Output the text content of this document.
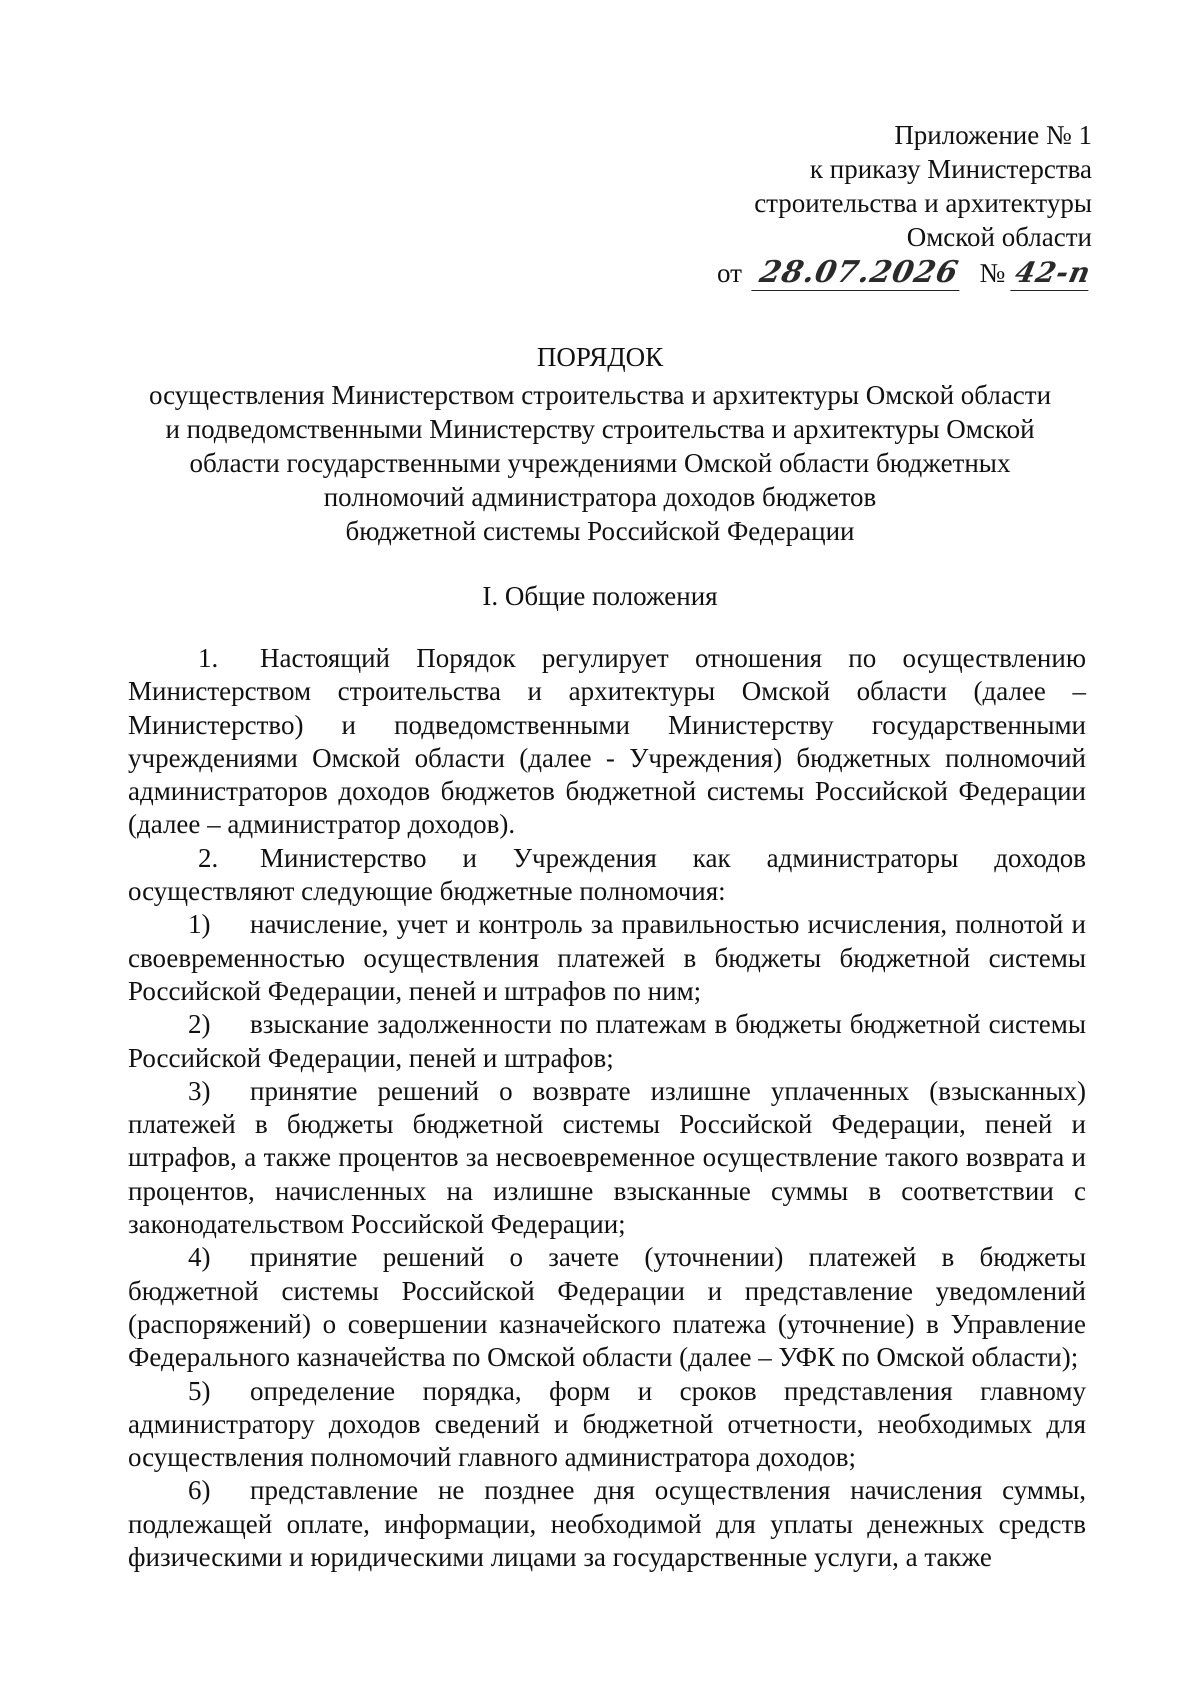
Приложение № 1
к приказу Министерства
строительства и архитектуры
Омской области
от 28.07.2026 № 42-п
ПОРЯДОК
осуществления Министерством строительства и архитектуры Омской области
и подведомственными Министерству строительства и архитектуры Омской
области государственными учреждениями Омской области бюджетных
полномочий администратора доходов бюджетов
бюджетной системы Российской Федерации
I. Общие положения

1. Настоящий Порядок регулирует отношения по осуществлению Министерством строительства и архитектуры Омской области (далее – Министерство) и подведомственными Министерству государственными учреждениями Омской области (далее - Учреждения) бюджетных полномочий администраторов доходов бюджетов бюджетной системы Российской Федерации (далее – администратор доходов).

2. Министерство и Учреждения как администраторы доходов осуществляют следующие бюджетные полномочия:

1) начисление, учет и контроль за правильностью исчисления, полнотой и своевременностью осуществления платежей в бюджеты бюджетной системы Российской Федерации, пеней и штрафов по ним;

2) взыскание задолженности по платежам в бюджеты бюджетной системы Российской Федерации, пеней и штрафов;

3) принятие решений о возврате излишне уплаченных (взысканных) платежей в бюджеты бюджетной системы Российской Федерации, пеней и штрафов, а также процентов за несвоевременное осуществление такого возврата и процентов, начисленных на излишне взысканные суммы в соответствии с законодательством Российской Федерации;

4) принятие решений о зачете (уточнении) платежей в бюджеты бюджетной системы Российской Федерации и представление уведомлений (распоряжений) о совершении казначейского платежа (уточнение) в Управление Федерального казначейства по Омской области (далее – УФК по Омской области);

5) определение порядка, форм и сроков представления главному администратору доходов сведений и бюджетной отчетности, необходимых для осуществления полномочий главного администратора доходов;

6) представление не позднее дня осуществления начисления суммы, подлежащей оплате, информации, необходимой для уплаты денежных средств физическими и юридическими лицами за государственные услуги, а также
